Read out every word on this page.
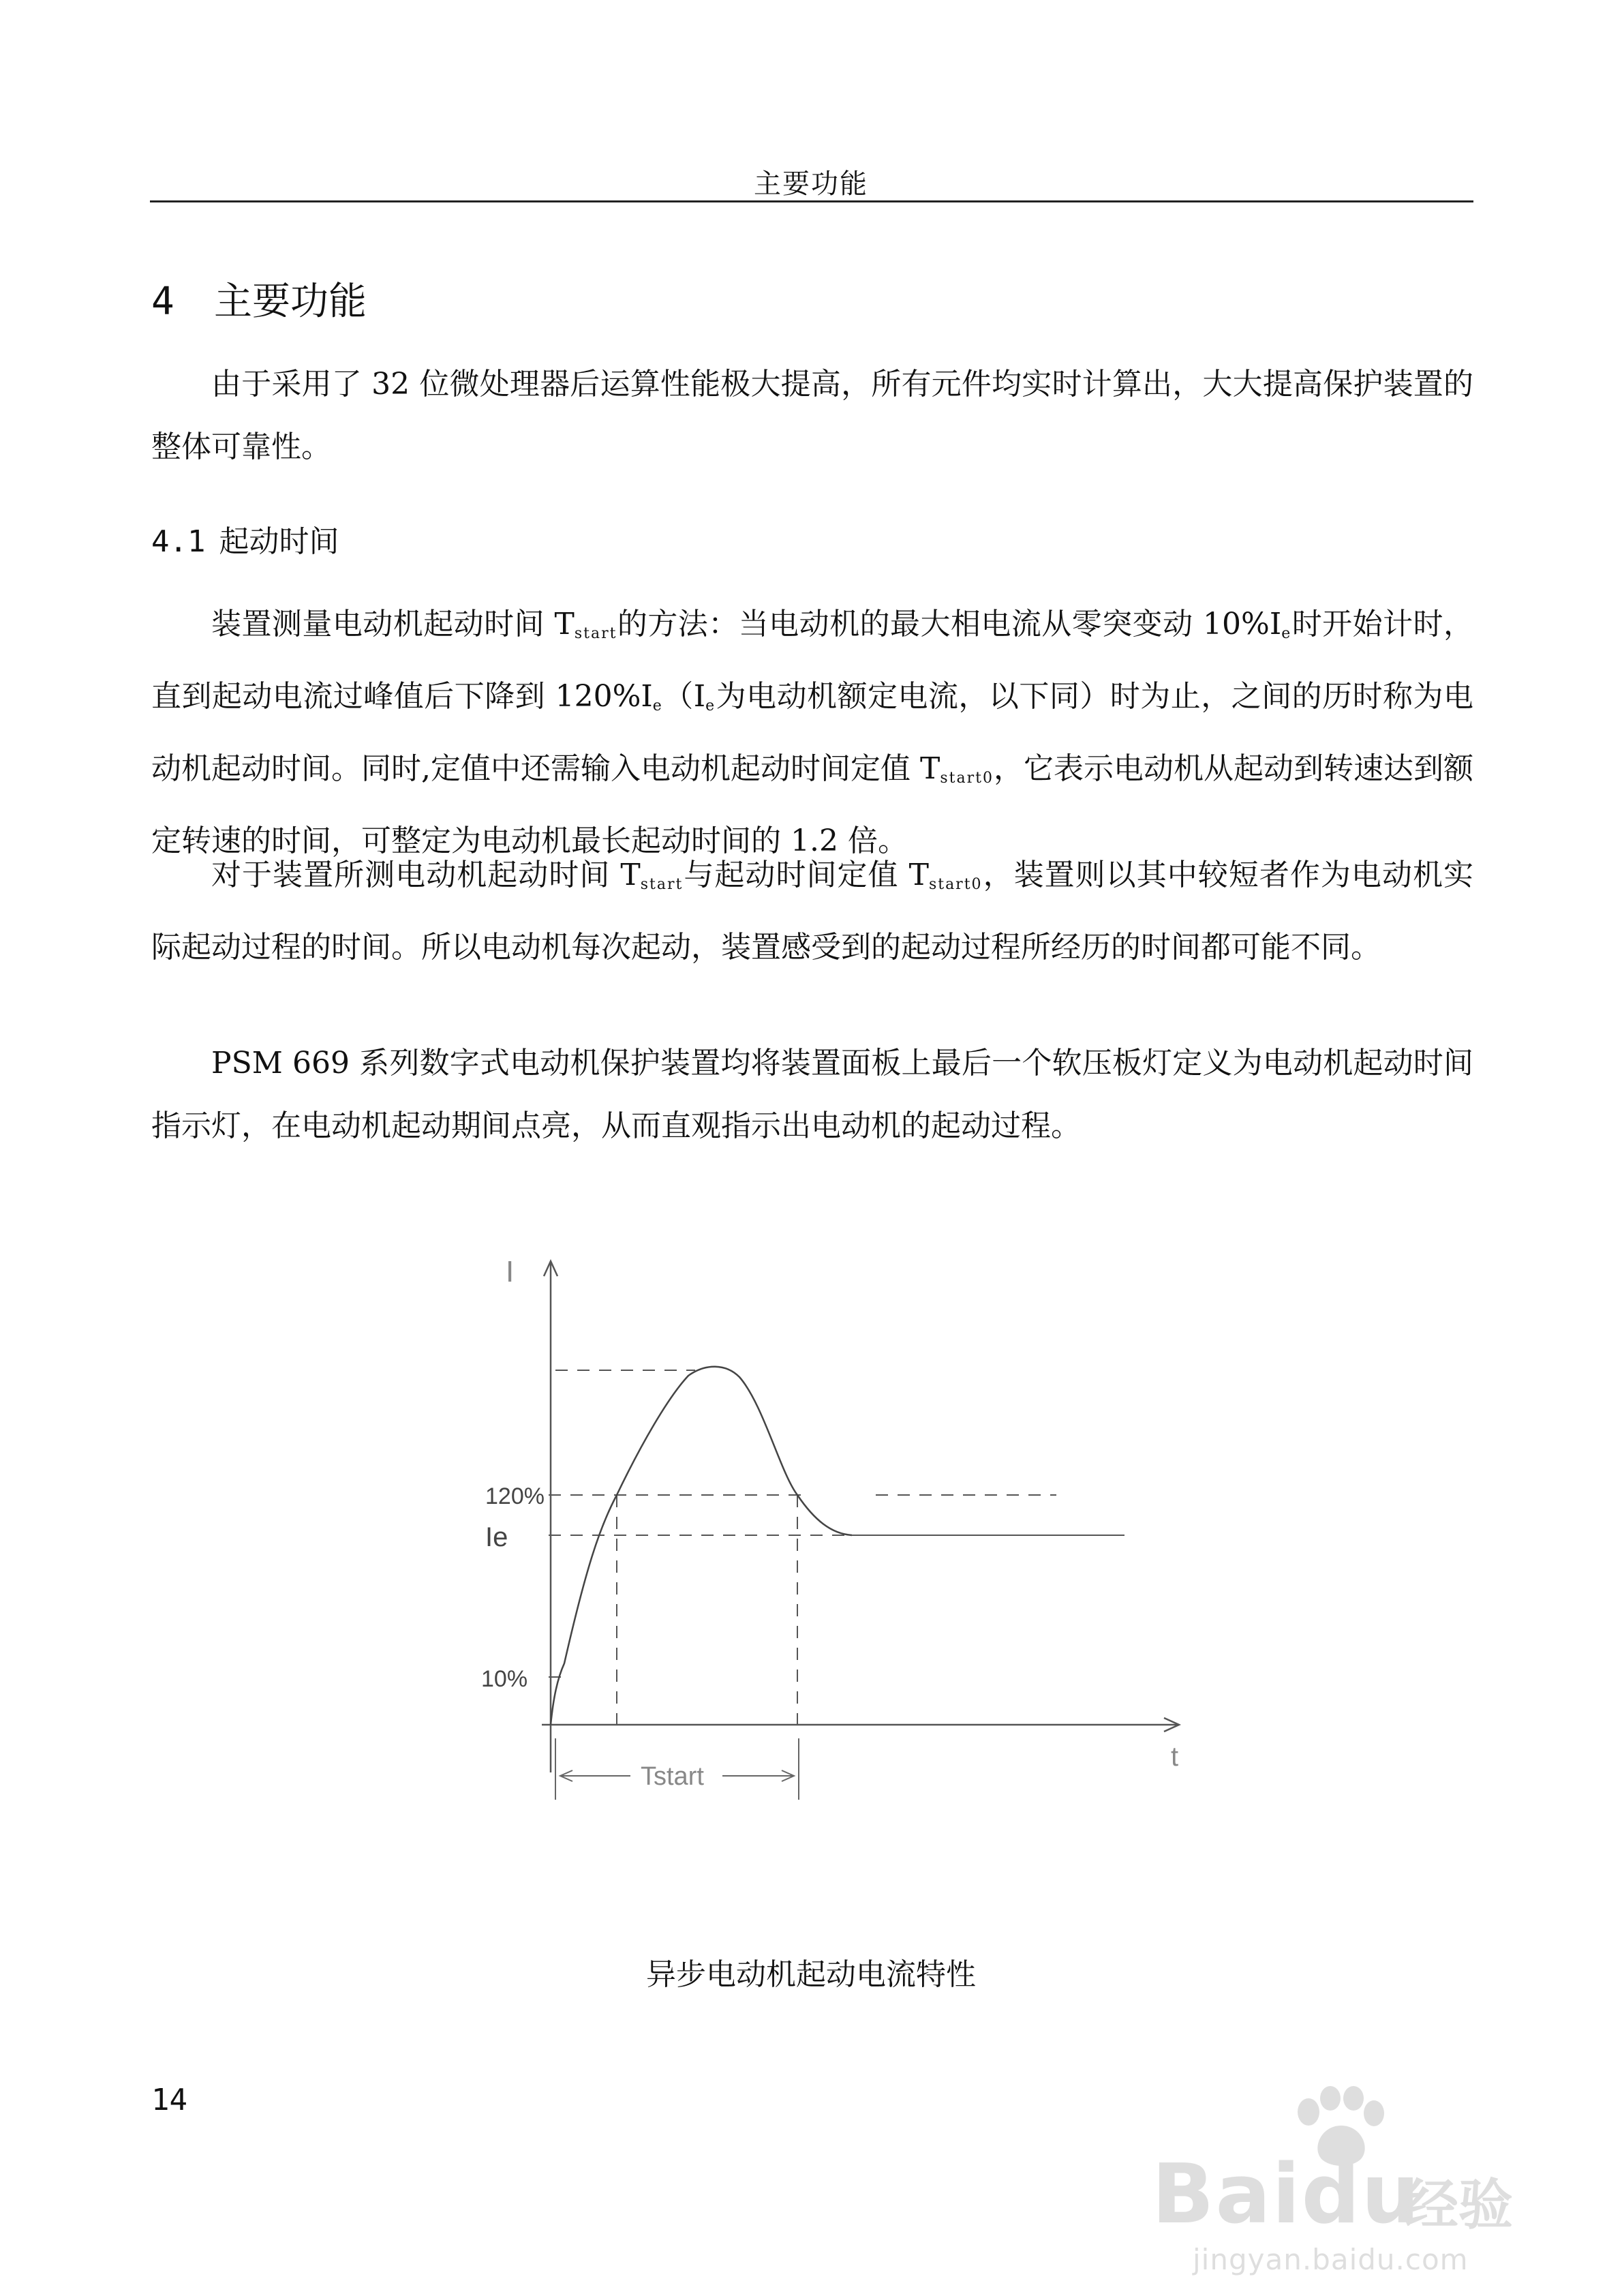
主要功能
4 主要功能

由于采用了 32 位微处理器后运算性能极大提高，所有元件均实时计算出，大大提高保护装置的整体可靠性。

4.1 起动时间

装置测量电动机起动时间 $T_{start}$的方法：当电动机的最大相电流从零突变动 $10\%I_e$时开始计时，直到起动电流过峰值后下降到 $120\%I_e(I_e$为电动机额定电流，以下同）时为止，之间的历时称为电动机起动时间。同时,定值中还需输入电动机起动时间定值 $T_{start0}$，它表示电动机从起动到转速达到额定转速的时间，可整定为电动机最长起动时间的 1.2 倍。

对于装置所测电动机起动时间 $T_{start}$与起动时间定值 $T_{start0}$，装置则以其中较短者作为电动机实际起动过程的时间。所以电动机每次起动，装置感受到的起动过程所经历的时间都可能不同。

PSM 669 系列数字式电动机保护装置均将装置面板上最后一个软压板灯定义为电动机起动时间指示灯，在电动机起动期间点亮，从而直观指示出电动机的起动过程。

I
t
120%
Ie
10%
Tstart
异步电动机起动电流特性
14
Baidu
经验
jingyan.baidu.com
